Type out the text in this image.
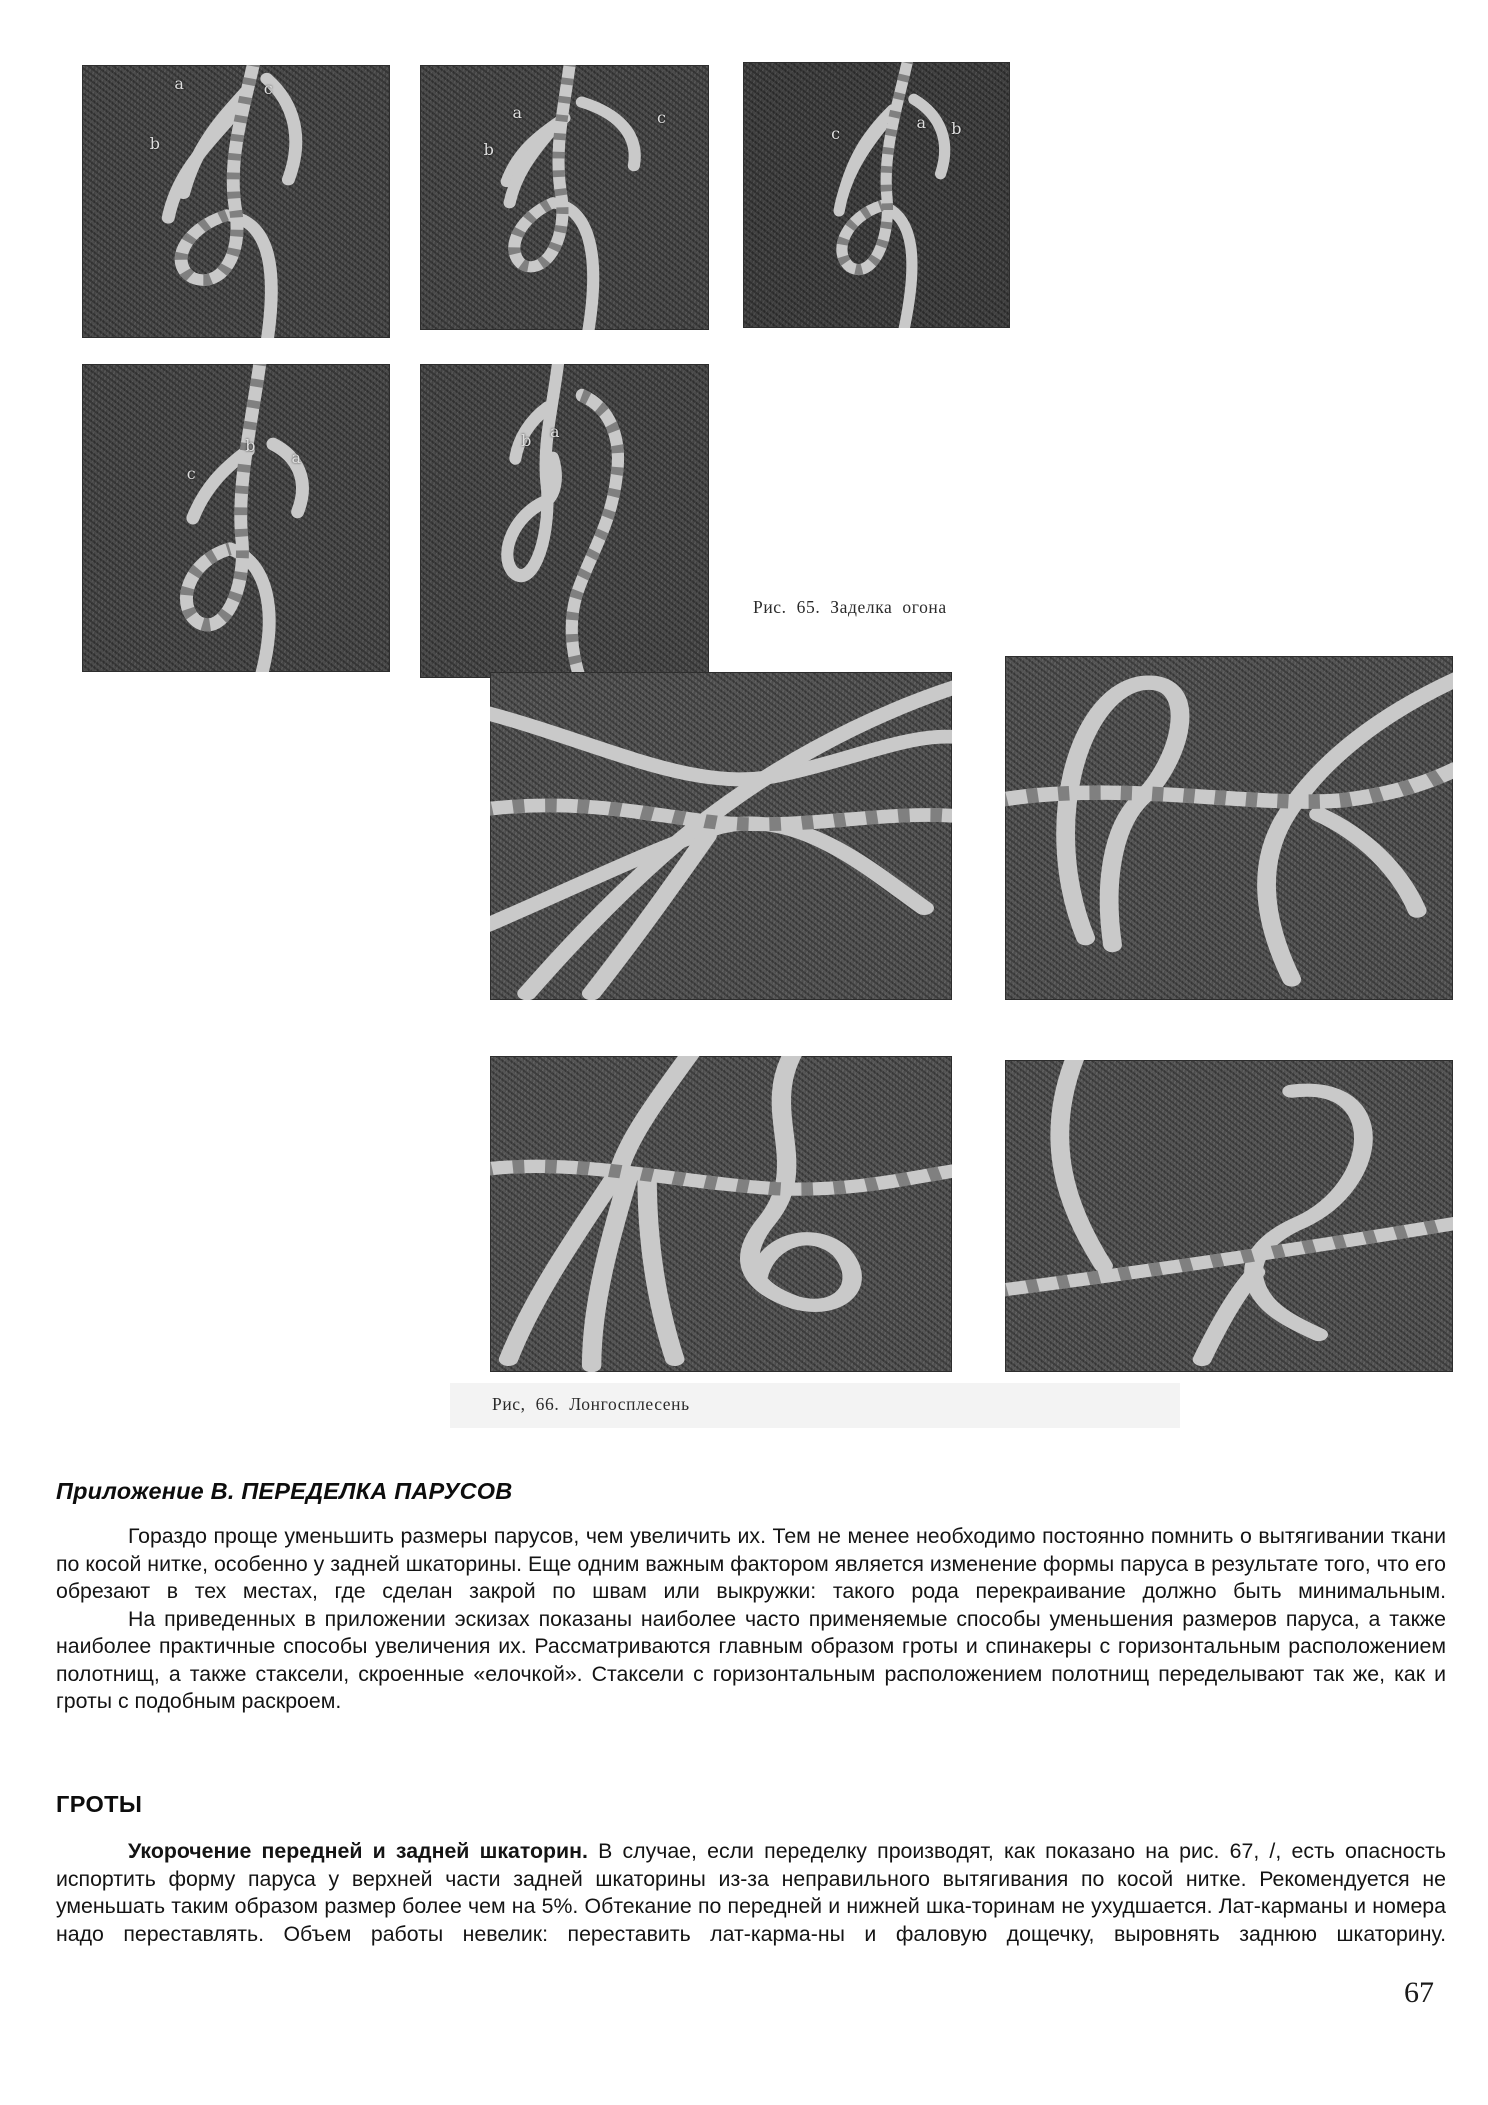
a	c
b
a	c
b
c
a b
b
a
c
b a
Рис. 65. Заделка огона
Рис, 66. Лонгосплесень
Приложение В. ПЕРЕДЕЛКА ПАРУСОВ

Гораздо проще уменьшить размеры парусов, чем увеличить их. Тем не менее необходимо постоянно помнить о вытягивании ткани по косой нитке, особенно у задней шкаторины. Еще одним важным фактором является изменение формы паруса в результате того, что его обрезают в тех местах, где сделан закрой по швам или выкружки: такого рода перекраивание должно быть минимальным.

На приведенных в приложении эскизах показаны наиболее часто применяемые способы уменьшения размеров паруса, а также наиболее практичные способы увеличения их. Рассматриваются главным образом гроты и спинакеры с горизонтальным расположением полотнищ, а также стаксели, скроенные «елочкой». Стаксели с горизонтальным расположением полотнищ переделывают так же, как и гроты с подобным раскроем.

ГРОТЫ

Укорочение передней и задней шкаторин. В случае, если переделку производят, как показано на рис. 67, /, есть опасность испортить форму паруса у верхней части задней шкаторины из-за неправильного вытягивания по косой нитке. Рекомендуется не уменьшать таким образом размер более чем на 5%. Обтекание по передней и нижней шка-торинам не ухудшается. Лат-карманы и номера надо переставлять. Объем работы невелик: переставить лат-карма-ны и фаловую дощечку, выровнять заднюю шкаторину.

67
